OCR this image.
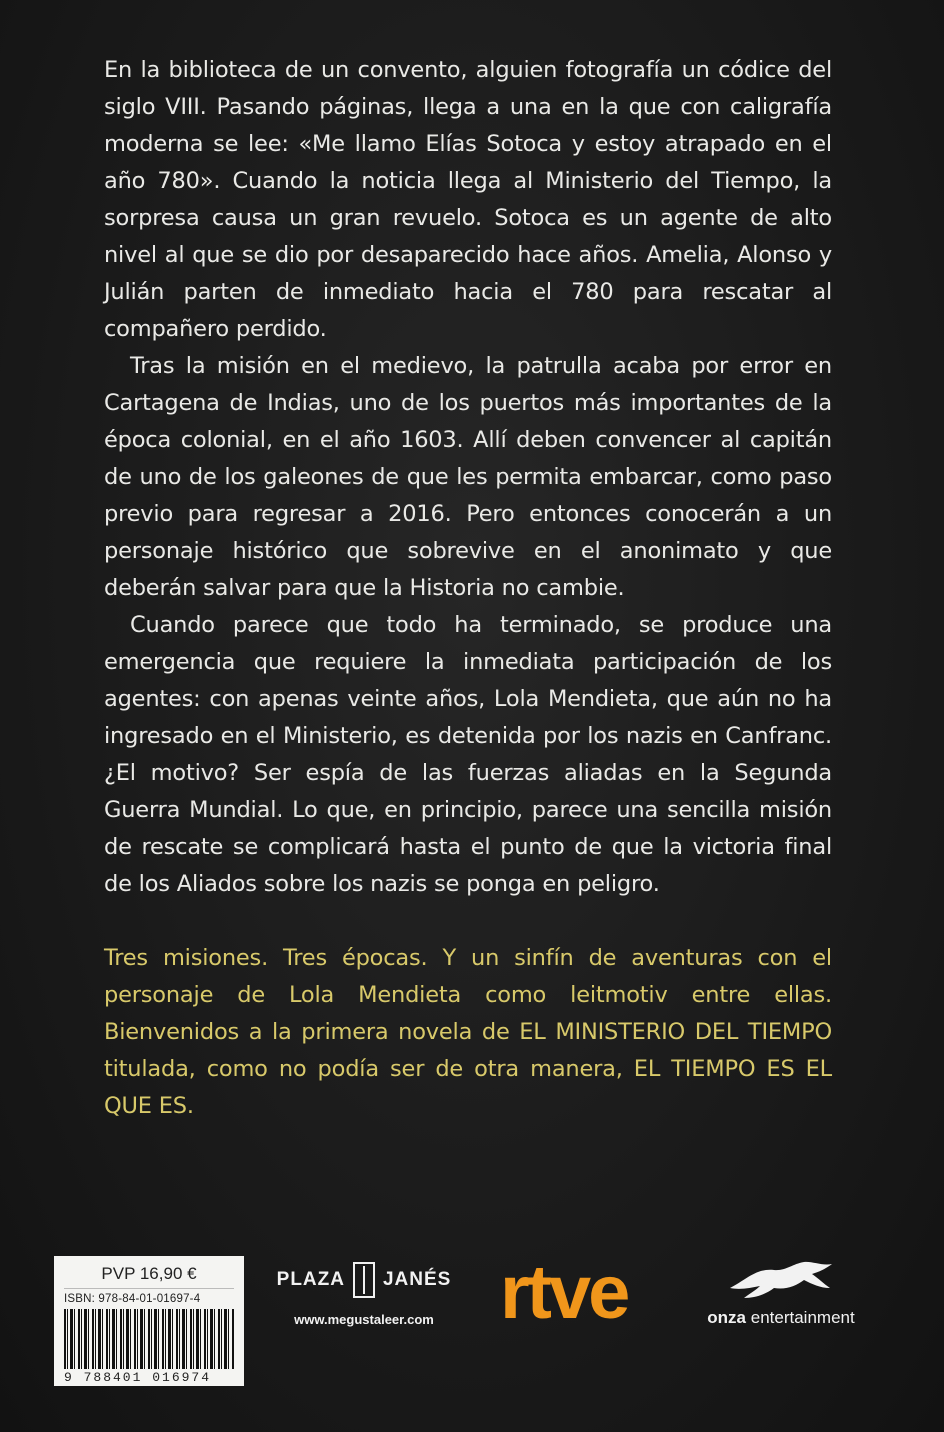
En la biblioteca de un convento, alguien fotografía un códice del siglo VIII. Pasando páginas, llega a una en la que con caligrafía moderna se lee: «Me llamo Elías Sotoca y estoy atrapado en el año 780». Cuando la noticia llega al Ministerio del Tiempo, la sorpresa causa un gran revuelo. Sotoca es un agente de alto nivel al que se dio por desaparecido hace años. Amelia, Alonso y Julián parten de inmediato hacia el 780 para rescatar al compañero perdido.

Tras la misión en el medievo, la patrulla acaba por error en Cartagena de Indias, uno de los puertos más importantes de la época colonial, en el año 1603. Allí deben convencer al capitán de uno de los galeones de que les permita embarcar, como paso previo para regresar a 2016. Pero entonces conocerán a un personaje histórico que sobrevive en el anonimato y que deberán salvar para que la Historia no cambie.

Cuando parece que todo ha terminado, se produce una emergencia que requiere la inmediata participación de los agentes: con apenas veinte años, Lola Mendieta, que aún no ha ingresado en el Ministerio, es detenida por los nazis en Canfranc. ¿El motivo? Ser espía de las fuerzas aliadas en la Segunda Guerra Mundial. Lo que, en principio, parece una sencilla misión de rescate se complicará hasta el punto de que la victoria final de los Aliados sobre los nazis se ponga en peligro.

Tres misiones. Tres épocas. Y un sinfín de aventuras con el personaje de Lola Mendieta como leitmotiv entre ellas. Bienvenidos a la primera novela de EL MINISTERIO DEL TIEMPO titulada, como no podía ser de otra manera, EL TIEMPO ES EL QUE ES.

PVP 16,90 €
ISBN: 978-84-01-01697-4
9 788401 016974
PLAZA JANÉS
www.megustaleer.com rtve	onza entertainment
